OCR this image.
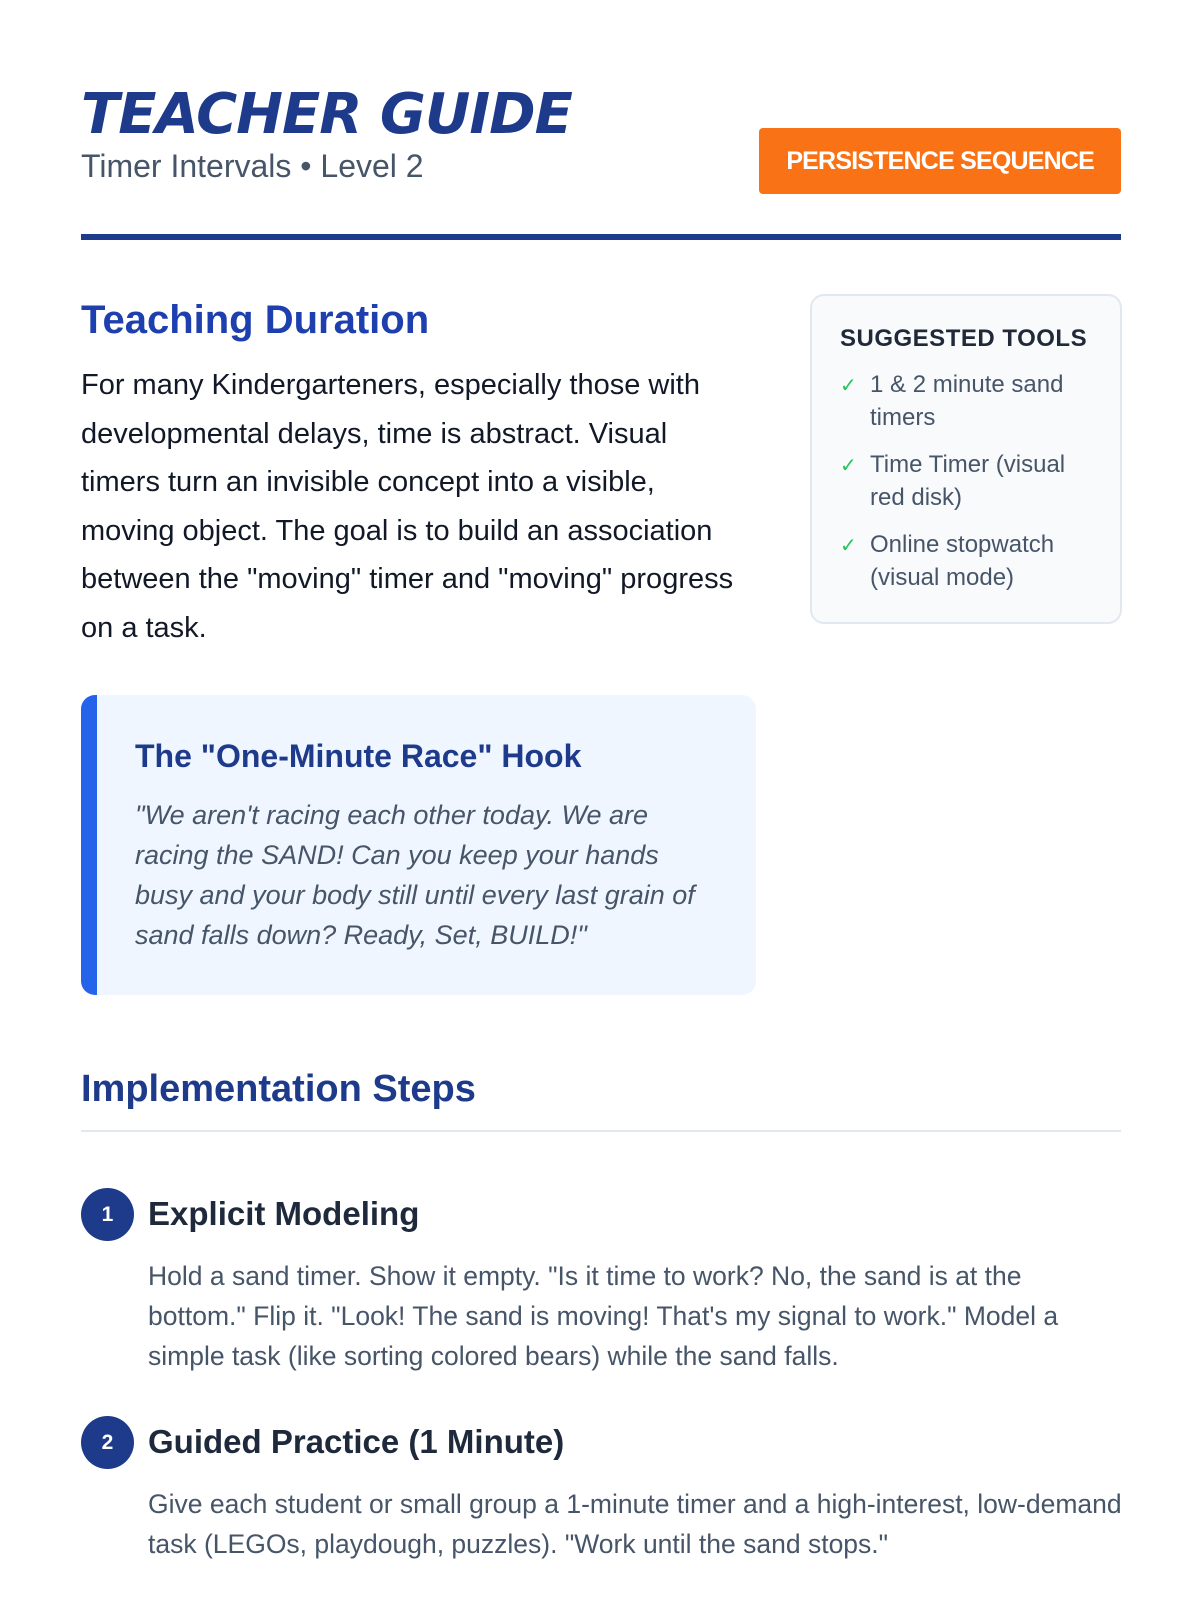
TEACHER GUIDE
Timer Intervals • Level 2	PERSISTENCE SEQUENCE
Teaching Duration

For many Kindergarteners, especially those with developmental delays, time is abstract. Visual timers turn an invisible concept into a visible, moving object. The goal is to build an association between the "moving" timer and "moving" progress on a task.

SUGGESTED TOOLS
✓ 1 & 2 minute sand timers
✓ Time Timer (visual red disk)
✓ Online stopwatch (visual mode)
The "One-Minute Race" Hook

"We aren't racing each other today. We are racing the SAND! Can you keep your hands busy and your body still until every last grain of sand falls down? Ready, Set, BUILD!"

Implementation Steps
1	Explicit Modeling

Hold a sand timer. Show it empty. "Is it time to work? No, the sand is at the bottom." Flip it. "Look! The sand is moving! That's my signal to work." Model a simple task (like sorting colored bears) while the sand falls.

2	Guided Practice (1 Minute)

Give each student or small group a 1-minute timer and a high-interest, low-demand task (LEGOs, playdough, puzzles). "Work until the sand stops."
